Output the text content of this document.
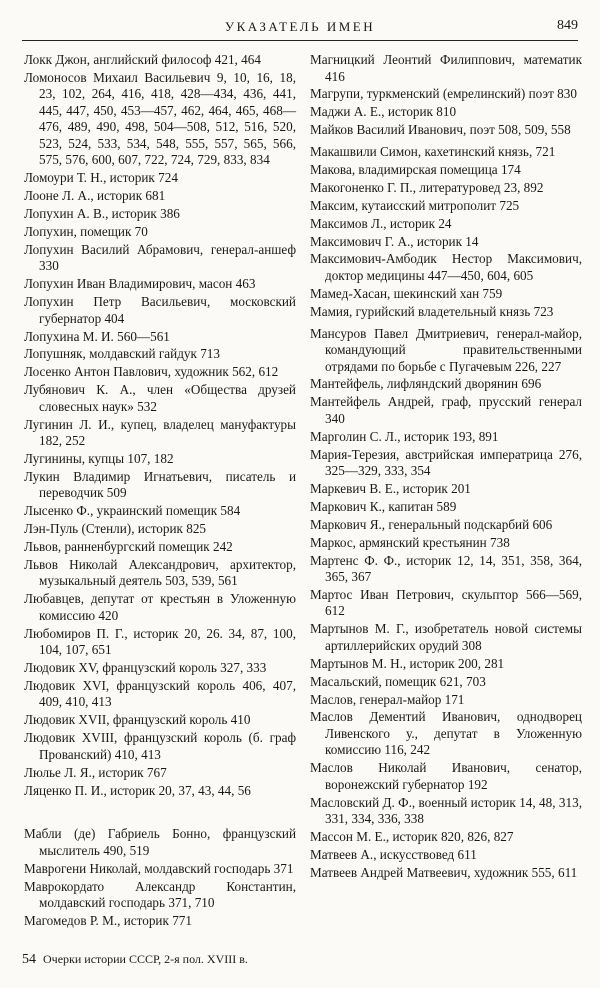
УКАЗАТЕЛЬ ИМЕН	849

Локк Джон, английский философ 421, 464

Ломоносов Михаил Васильевич 9, 10, 16, 18, 23, 102, 264, 416, 418, 428—434, 436, 441, 445, 447, 450, 453—457, 462, 464, 465, 468—476, 489, 490, 498, 504—508, 512, 516, 520, 523, 524, 533, 534, 548, 555, 557, 565, 566, 575, 576, 600, 607, 722, 724, 729, 833, 834

Ломоури Т. Н., историк 724

Лооне Л. А., историк 681

Лопухин А. В., историк 386

Лопухин, помещик 70

Лопухин Василий Абрамович, генерал-аншеф 330

Лопухин Иван Владимирович, масон 463

Лопухин Петр Васильевич, московский губернатор 404

Лопухина М. И. 560—561

Лопушняк, молдавский гайдук 713

Лосенко Антон Павлович, художник 562, 612

Лубянович К. А., член «Общества друзей словесных наук» 532

Лугинин Л. И., купец, владелец мануфактуры 182, 252

Лугинины, купцы 107, 182

Лукин Владимир Игнатьевич, писатель и переводчик 509

Лысенко Ф., украинский помещик 584

Лэн-Пуль (Стенли), историк 825

Львов, ранненбургский помещик 242

Львов Николай Александрович, архитектор, музыкальный деятель 503, 539, 561

Любавцев, депутат от крестьян в Уложенную комиссию 420

Любомиров П. Г., историк 20, 26. 34, 87, 100, 104, 107, 651

Людовик XV, французский король 327, 333

Людовик XVI, французский король 406, 407, 409, 410, 413

Людовик XVII, французский король 410

Людовик XVIII, французский король (б. граф Прованский) 410, 413

Люлье Л. Я., историк 767

Ляценко П. И., историк 20, 37, 43, 44, 56

Мабли (де) Габриель Бонно, французский мыслитель 490, 519

Маврогени Николай, молдавский господарь 371

Маврокордато Александр Константин, молдавский господарь 371, 710

Магомедов Р. М., историк 771

Магницкий Леонтий Филиппович, математик 416

Магрупи, туркменский (емрелинский) поэт 830

Маджи А. Е., историк 810

Майков Василий Иванович, поэт 508, 509, 558

Макашвили Симон, кахетинский князь, 721

Макова, владимирская помещица 174

Макогоненко Г. П., литературовед 23, 892

Максим, кутаисский митрополит 725

Максимов Л., историк 24

Максимович Г. А., историк 14

Максимович-Амбодик Нестор Максимович, доктор медицины 447—450, 604, 605

Мамед-Хасан, шекинский хан 759

Мамия, гурийский владетельный князь 723

Мансуров Павел Дмитриевич, генерал-майор, командующий правительственными отрядами по борьбе с Пугачевым 226, 227

Мантейфель, лифляндский дворянин 696

Мантейфель Андрей, граф, прусский генерал 340

Марголин С. Л., историк 193, 891

Мария-Терезия, австрийская императрица 276, 325—329, 333, 354

Маркевич В. Е., историк 201

Маркович К., капитан 589

Маркович Я., генеральный подскарбий 606

Маркос, армянский крестьянин 738

Мартенс Ф. Ф., историк 12, 14, 351, 358, 364, 365, 367

Мартос Иван Петрович, скульптор 566—569, 612

Мартынов М. Г., изобретатель новой системы артиллерийских орудий 308

Мартынов М. Н., историк 200, 281

Масальский, помещик 621, 703

Маслов, генерал-майор 171

Маслов Дементий Иванович, однодворец Ливенского у., депутат в Уложенную комиссию 116, 242

Маслов Николай Иванович, сенатор, воронежский губернатор 192

Масловский Д. Ф., военный историк 14, 48, 313, 331, 334, 336, 338

Массон М. Е., историк 820, 826, 827

Матвеев А., искусствовед 611

Матвеев Андрей Матвеевич, художник 555, 611

54 Очерки истории СССР, 2-я пол. XVIII в.
